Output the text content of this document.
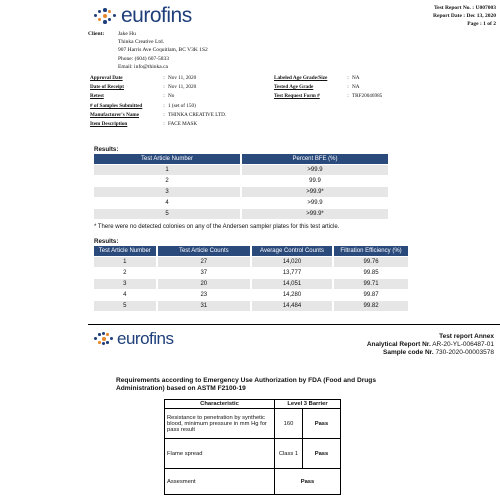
eurofins	Test Report No. : U007003
Report Date : Dec 13, 2020
Page : 1 of 2
Client:	Jake Hu
Thinka Creative Ltd.
907 Harris Ave Coquitlam, BC V3K 1S2
Phone: (604) 607-5833
Email: info@thinka.ca
Approval Date	: Nov 11, 2020
Date of Receipt	: Nov 11, 2020
Retest	: No
# of Samples Submitted	: 1 (set of 150)
Manufacturer's Name	: THINKA CREATIVE LTD.
Item Description	: FACE MASK
Labeled Age Grade/Size	: NA
Tested Age Grade	: NA
Test Request Form #	: TRF20046985
Results:
Test Article Number	Percent BFE (%)
1	>99.9
2	99.9
3	>99.9*
4	>99.9
5	>99.9*
* There were no detected colonies on any of the Andersen sampler plates for this test article.
Results:
Test Article Number	Test Article Counts	Average Control Counts	Filtration Efficiency (%)
1	27	14,020	99.76
2	37	13,777	99.85
3	20	14,051	99.71
4	23	14,280	99.87
5	31	14,484	99.82
eurofins	Test report Annex
Analytical Report Nr. AR-20-YL-006487-01
Sample code Nr. 730-2020-00003578
Requirements according to Emergency Use Authorization by FDA (Food and Drugs Administration) based on ASTM F2100-19
Characteristic	Level 3 Barrier	
Resistance to penetration by synthetic blood, minimum pressure in mm Hg for pass result	160	Pass
Flame spread	Class 1	Pass
Assesment	Pass	
